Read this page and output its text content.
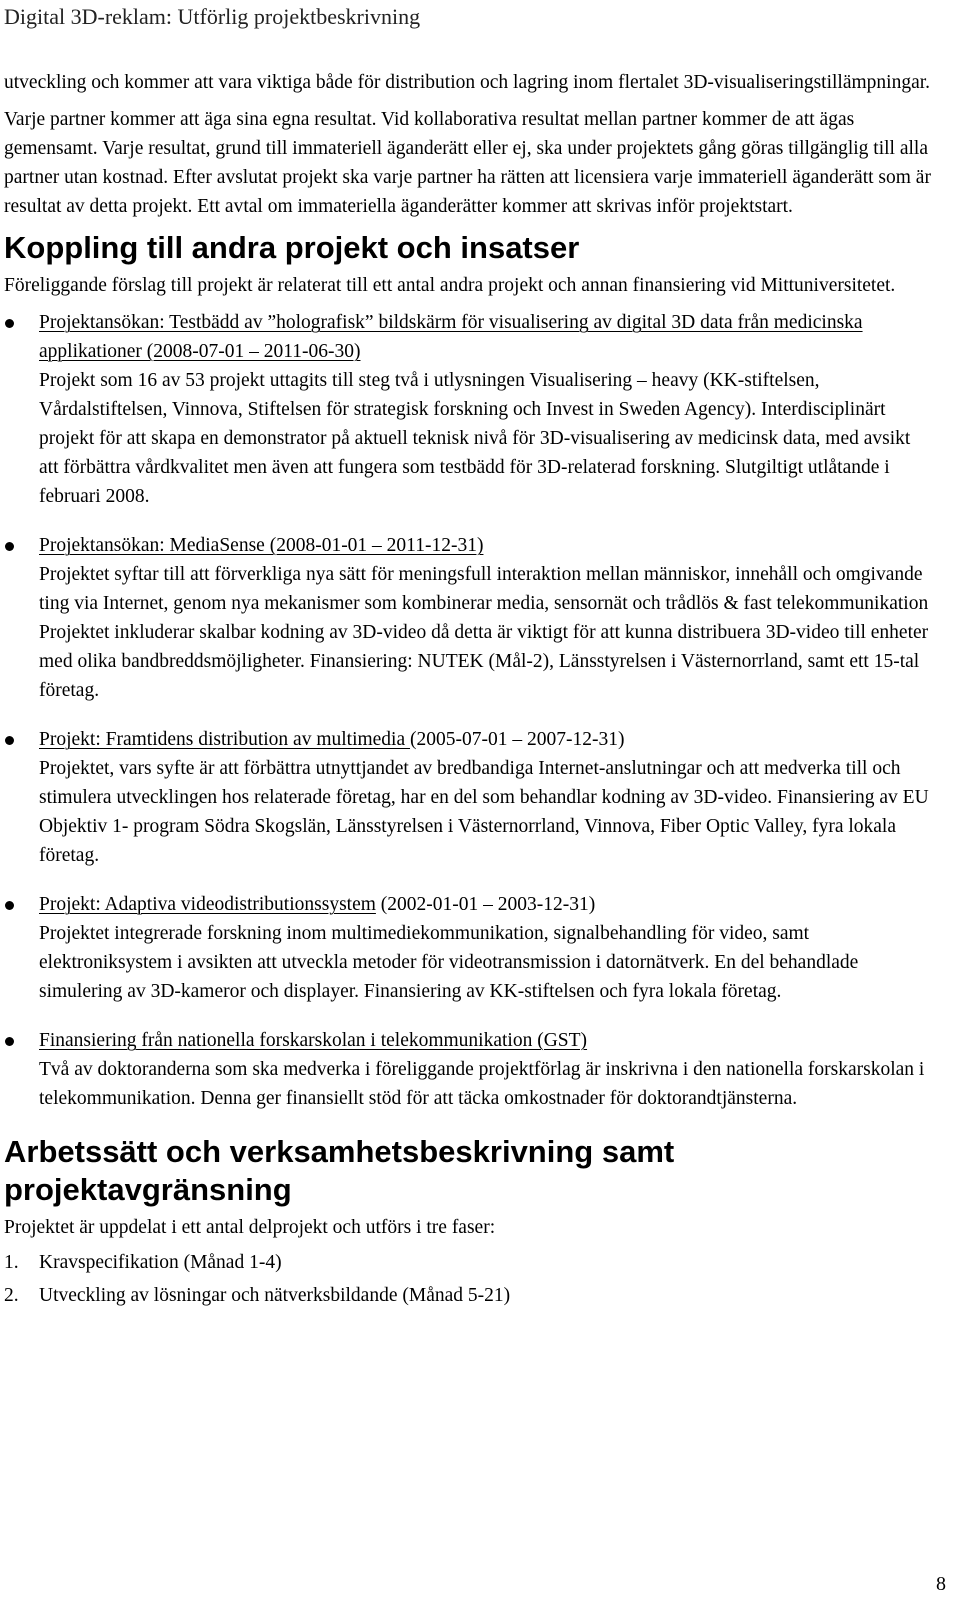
Digital 3D-reklam: Utförlig projektbeskrivning

utveckling och kommer att vara viktiga både för distribution och lagring inom flertalet 3D-visualiseringstillämpningar.

Varje partner kommer att äga sina egna resultat. Vid kollaborativa resultat mellan partner kommer de att ägas gemensamt. Varje resultat, grund till immateriell äganderätt eller ej, ska under projektets gång göras tillgänglig till alla partner utan kostnad. Efter avslutat projekt ska varje partner ha rätten att licensiera varje immateriell äganderätt som är resultat av detta projekt. Ett avtal om immateriella äganderätter kommer att skrivas inför projektstart.

Koppling till andra projekt och insatser

Föreliggande förslag till projekt är relaterat till ett antal andra projekt och annan finansiering vid Mittuniversitetet.

Projektansökan: Testbädd av ”holografisk” bildskärm för visualisering av digital 3D data från medicinska applikationer (2008-07-01 – 2011-06-30)
Projekt som 16 av 53 projekt uttagits till steg två i utlysningen Visualisering – heavy (KK-stiftelsen, Vårdalstiftelsen, Vinnova, Stiftelsen för strategisk forskning och Invest in Sweden Agency). Interdisciplinärt projekt för att skapa en demonstrator på aktuell teknisk nivå för 3D-visualisering av medicinsk data, med avsikt att förbättra vårdkvalitet men även att fungera som testbädd för 3D-relaterad forskning. Slutgiltigt utlåtande i februari 2008.
Projektansökan: MediaSense (2008-01-01 – 2011-12-31)
Projektet syftar till att förverkliga nya sätt för meningsfull interaktion mellan människor, innehåll och omgivande ting via Internet, genom nya mekanismer som kombinerar media, sensornät och trådlös & fast telekommunikation Projektet inkluderar skalbar kodning av 3D-video då detta är viktigt för att kunna distribuera 3D-video till enheter med olika bandbreddsmöjligheter. Finansiering: NUTEK (Mål-2), Länsstyrelsen i Västernorrland, samt ett 15-tal företag.
Projekt: Framtidens distribution av multimedia (2005-07-01 – 2007-12-31)
Projektet, vars syfte är att förbättra utnyttjandet av bredbandiga Internet-anslutningar och att medverka till och stimulera utvecklingen hos relaterade företag, har en del som behandlar kodning av 3D-video. Finansiering av EU Objektiv 1- program Södra Skogslän, Länsstyrelsen i Västernorrland, Vinnova, Fiber Optic Valley, fyra lokala företag.
Projekt: Adaptiva videodistributionssystem (2002-01-01 – 2003-12-31)
Projektet integrerade forskning inom multimediekommunikation, signalbehandling för video, samt elektroniksystem i avsikten att utveckla metoder för videotransmission i datornätverk. En del behandlade simulering av 3D-kameror och displayer. Finansiering av KK-stiftelsen och fyra lokala företag.
Finansiering från nationella forskarskolan i telekommunikation (GST)
Två av doktoranderna som ska medverka i föreliggande projektförlag är inskrivna i den nationella forskarskolan i telekommunikation. Denna ger finansiellt stöd för att täcka omkostnader för doktorandtjänsterna.
Arbetssätt och verksamhetsbeskrivning samt projektavgränsning

Projektet är uppdelat i ett antal delprojekt och utförs i tre faser:

1.	Kravspecifikation (Månad 1-4)
2.	Utveckling av lösningar och nätverksbildande (Månad 5-21)
8
